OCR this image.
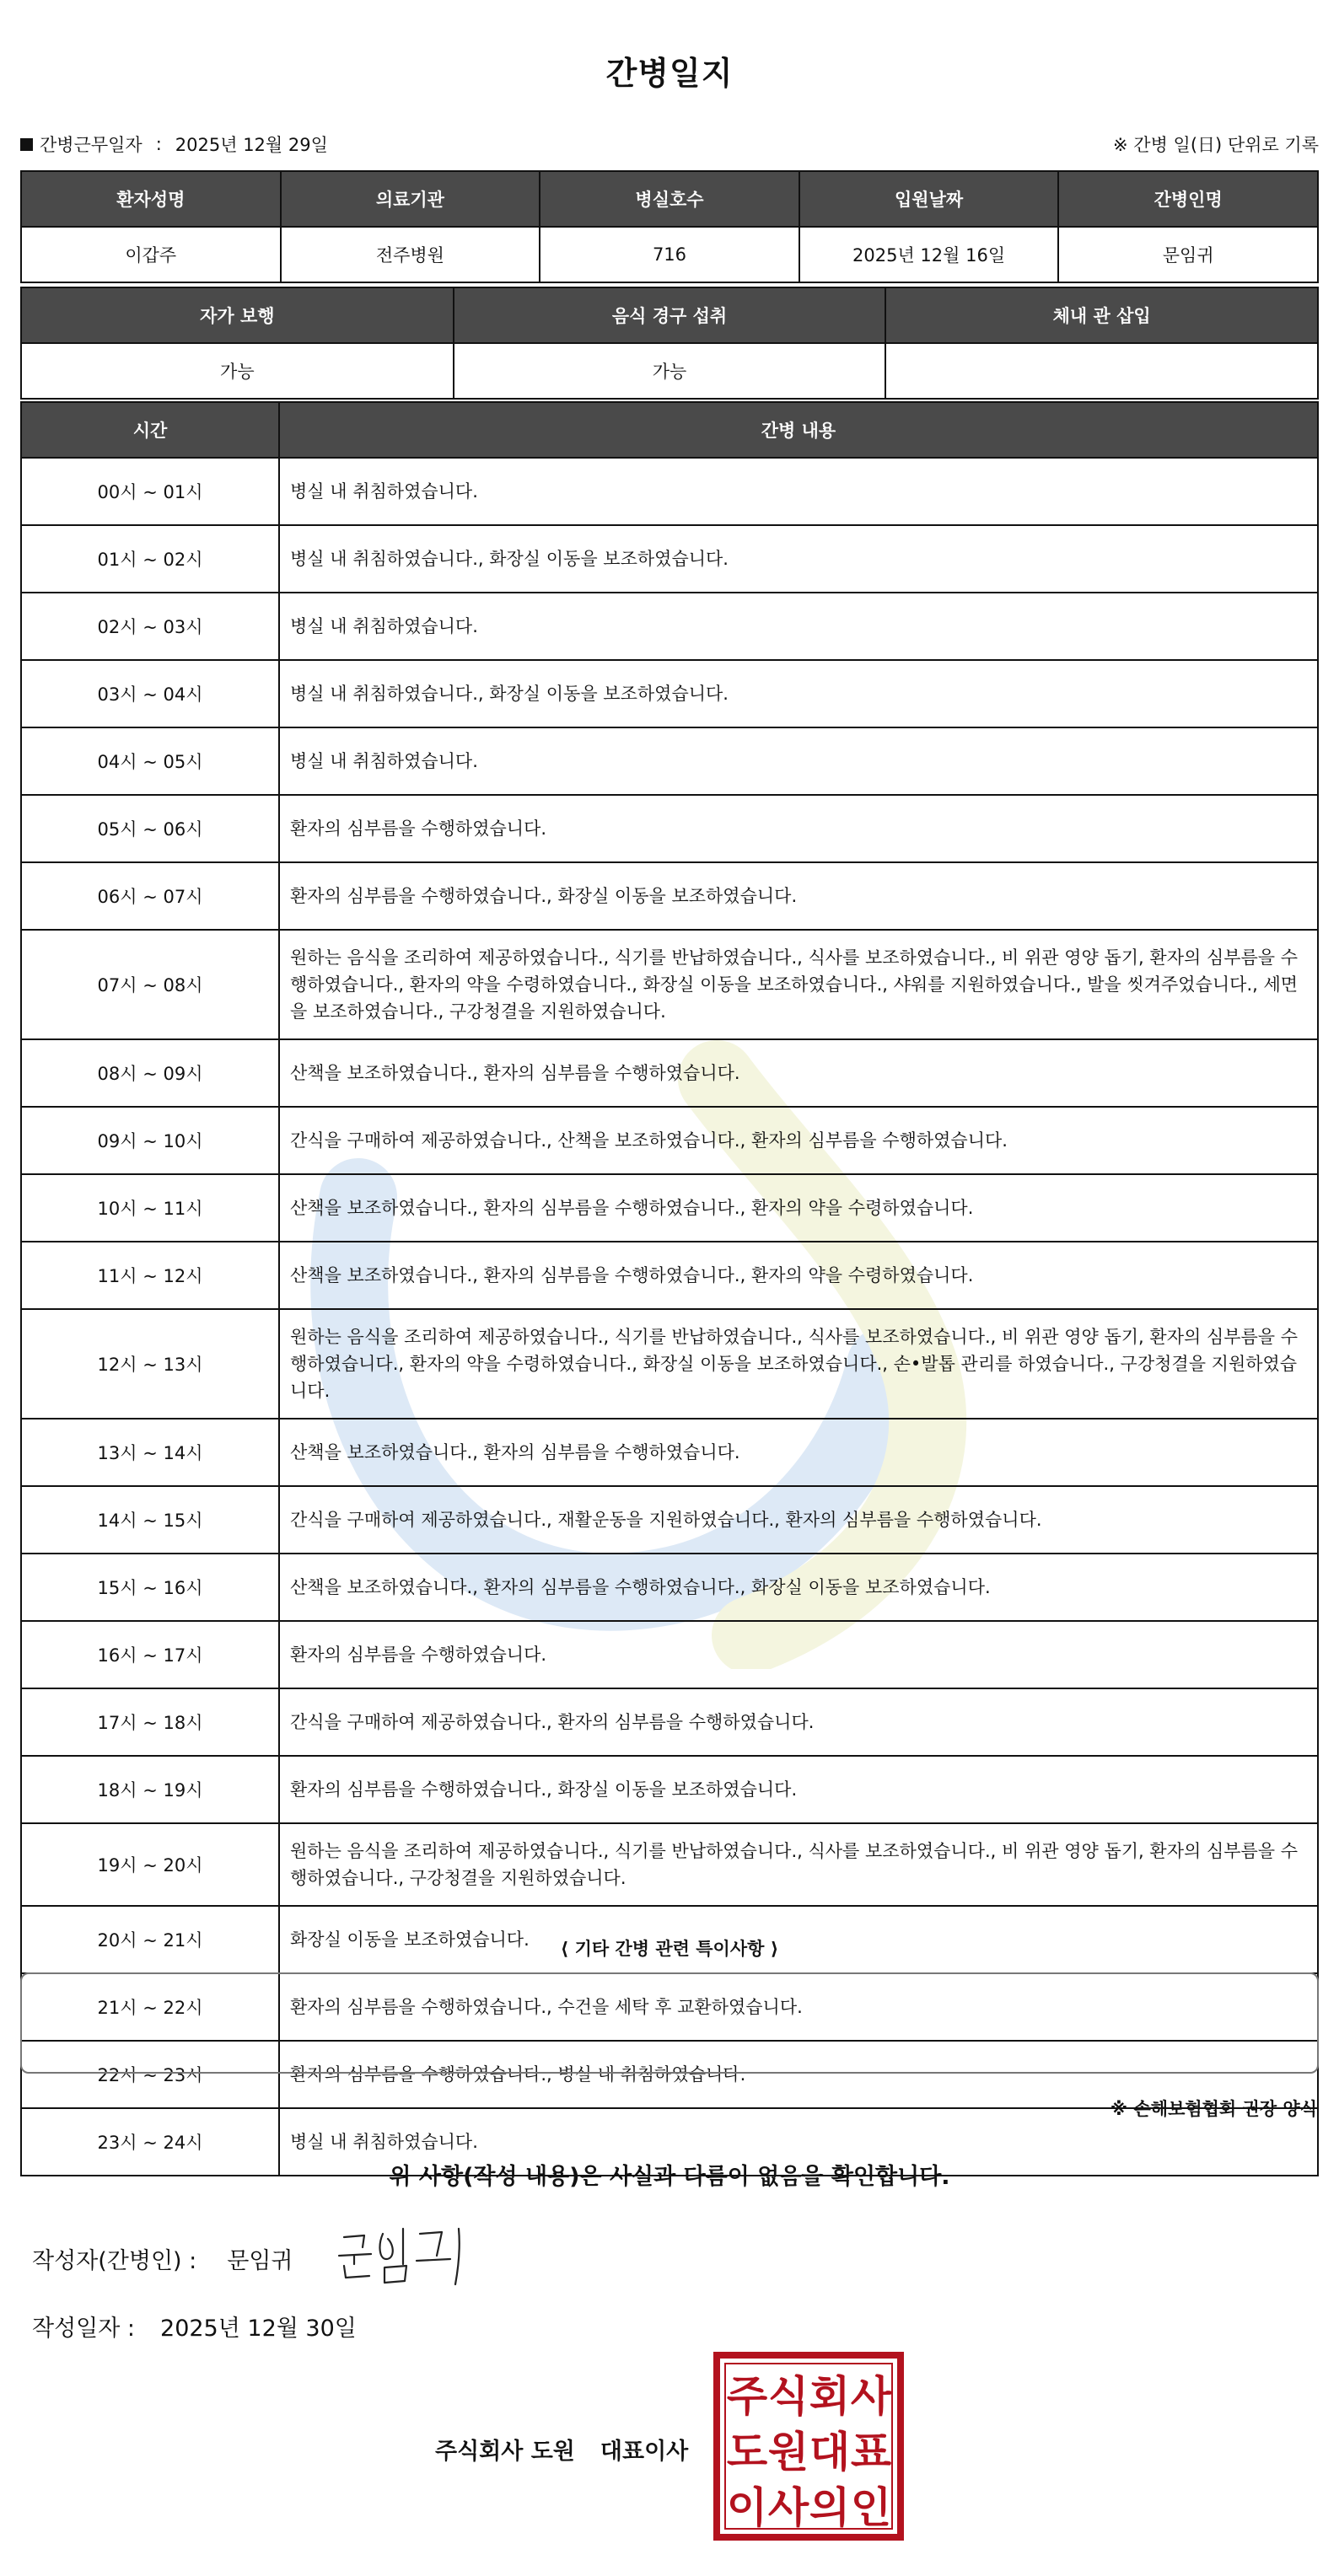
간병일지
간병근무일자 : 2025년 12월 29일	※ 간병 일(日) 단위로 기록
환자성명	의료기관	병실호수	입원날짜	간병인명
이갑주	전주병원	716	2025년 12월 16일	문임귀
자가 보행	음식 경구 섭취	체내 관 삽입
가능	가능	
시간	간병 내용
00시 ~ 01시	병실 내 취침하였습니다.
01시 ~ 02시	병실 내 취침하였습니다., 화장실 이동을 보조하였습니다.
02시 ~ 03시	병실 내 취침하였습니다.
03시 ~ 04시	병실 내 취침하였습니다., 화장실 이동을 보조하였습니다.
04시 ~ 05시	병실 내 취침하였습니다.
05시 ~ 06시	환자의 심부름을 수행하였습니다.
06시 ~ 07시	환자의 심부름을 수행하였습니다., 화장실 이동을 보조하였습니다.
07시 ~ 08시	원하는 음식을 조리하여 제공하였습니다., 식기를 반납하였습니다., 식사를 보조하였습니다., 비 위관 영양 돕기, 환자의 심부름을 수행하였습니다., 환자의 약을 수령하였습니다., 화장실 이동을 보조하였습니다., 샤워를 지원하였습니다., 발을 씻겨주었습니다., 세면을 보조하였습니다., 구강청결을 지원하였습니다.
08시 ~ 09시	산책을 보조하였습니다., 환자의 심부름을 수행하였습니다.
09시 ~ 10시	간식을 구매하여 제공하였습니다., 산책을 보조하였습니다., 환자의 심부름을 수행하였습니다.
10시 ~ 11시	산책을 보조하였습니다., 환자의 심부름을 수행하였습니다., 환자의 약을 수령하였습니다.
11시 ~ 12시	산책을 보조하였습니다., 환자의 심부름을 수행하였습니다., 환자의 약을 수령하였습니다.
12시 ~ 13시	원하는 음식을 조리하여 제공하였습니다., 식기를 반납하였습니다., 식사를 보조하였습니다., 비 위관 영양 돕기, 환자의 심부름을 수행하였습니다., 환자의 약을 수령하였습니다., 화장실 이동을 보조하였습니다., 손•발톱 관리를 하였습니다., 구강청결을 지원하였습니다.
13시 ~ 14시	산책을 보조하였습니다., 환자의 심부름을 수행하였습니다.
14시 ~ 15시	간식을 구매하여 제공하였습니다., 재활운동을 지원하였습니다., 환자의 심부름을 수행하였습니다.
15시 ~ 16시	산책을 보조하였습니다., 환자의 심부름을 수행하였습니다., 화장실 이동을 보조하였습니다.
16시 ~ 17시	환자의 심부름을 수행하였습니다.
17시 ~ 18시	간식을 구매하여 제공하였습니다., 환자의 심부름을 수행하였습니다.
18시 ~ 19시	환자의 심부름을 수행하였습니다., 화장실 이동을 보조하였습니다.
19시 ~ 20시	원하는 음식을 조리하여 제공하였습니다., 식기를 반납하였습니다., 식사를 보조하였습니다., 비 위관 영양 돕기, 환자의 심부름을 수행하였습니다., 구강청결을 지원하였습니다.
20시 ~ 21시	화장실 이동을 보조하였습니다.
21시 ~ 22시	환자의 심부름을 수행하였습니다., 수건을 세탁 후 교환하였습니다.
22시 ~ 23시	환자의 심부름을 수행하였습니다., 병실 내 취침하였습니다.
23시 ~ 24시	병실 내 취침하였습니다.
⟨ 기타 간병 관련 특이사항 ⟩
※ 손해보험협회 권장 양식
위 사항(작성 내용)은 사실과 다름이 없음을 확인합니다.
작성자(간병인) : 문임귀
작성일자 : 2025년 12월 30일
주식회사 도원 대표이사
주 식 회 사
도 원 대 표
이 사 의 인
